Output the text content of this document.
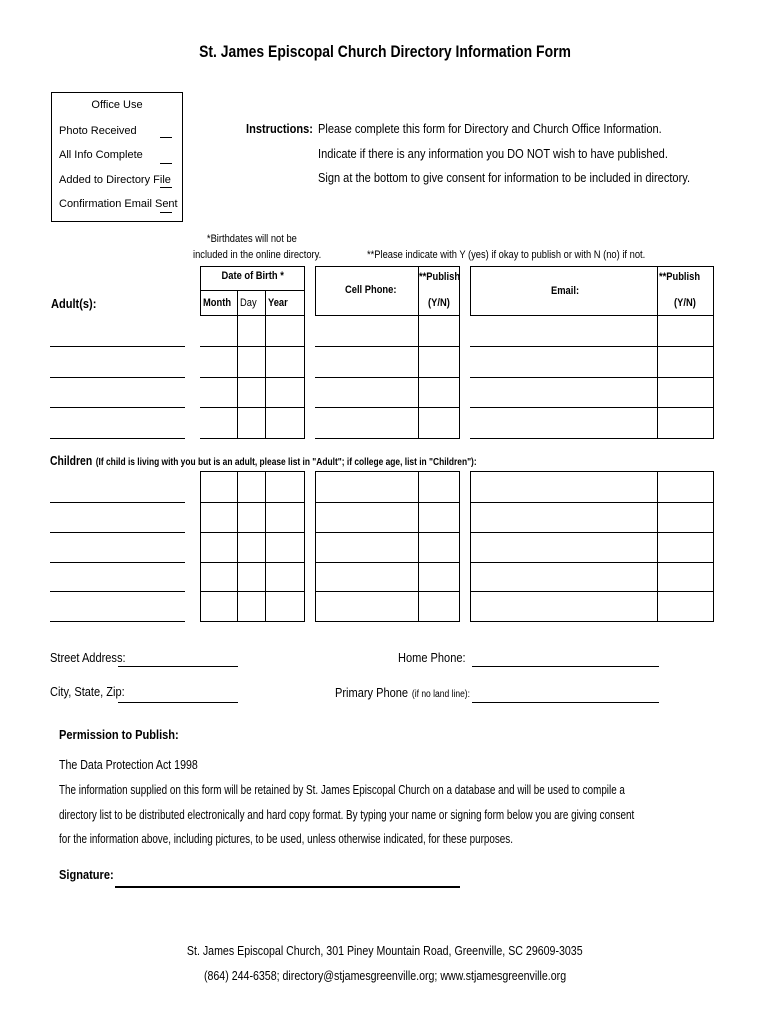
St. James Episcopal Church Directory Information Form
Office Use
Photo Received
All Info Complete
Added to Directory File
Confirmation Email Sent
Instructions: Please complete this form for Directory and Church Office Information.
Indicate if there is any information you DO NOT wish to have published.
Sign at the bottom to give consent for information to be included in directory.
*Birthdates will not be
included in the online directory.	**Please indicate with Y (yes) if okay to publish or with N (no) if not.
Date of Birth *
Month Day Year
Cell Phone:
**Publish
(Y/N)
Email:
**Publish
(Y/N)
Adult(s):
Children (If child is living with you but is an adult, please list in "Adult"; if college age, list in "Children"):
Street Address:
City, State, Zip:
Home Phone:
Primary Phone (if no land line):
Permission to Publish:
The Data Protection Act 1998
The information supplied on this form will be retained by St. James Episcopal Church on a database and will be used to compile a
directory list to be distributed electronically and hard copy format. By typing your name or signing form below you are giving consent
for the information above, including pictures, to be used, unless otherwise indicated, for these purposes.
Signature:
St. James Episcopal Church, 301 Piney Mountain Road, Greenville, SC 29609-3035
(864) 244-6358; directory@stjamesgreenville.org; www.stjamesgreenville.org
